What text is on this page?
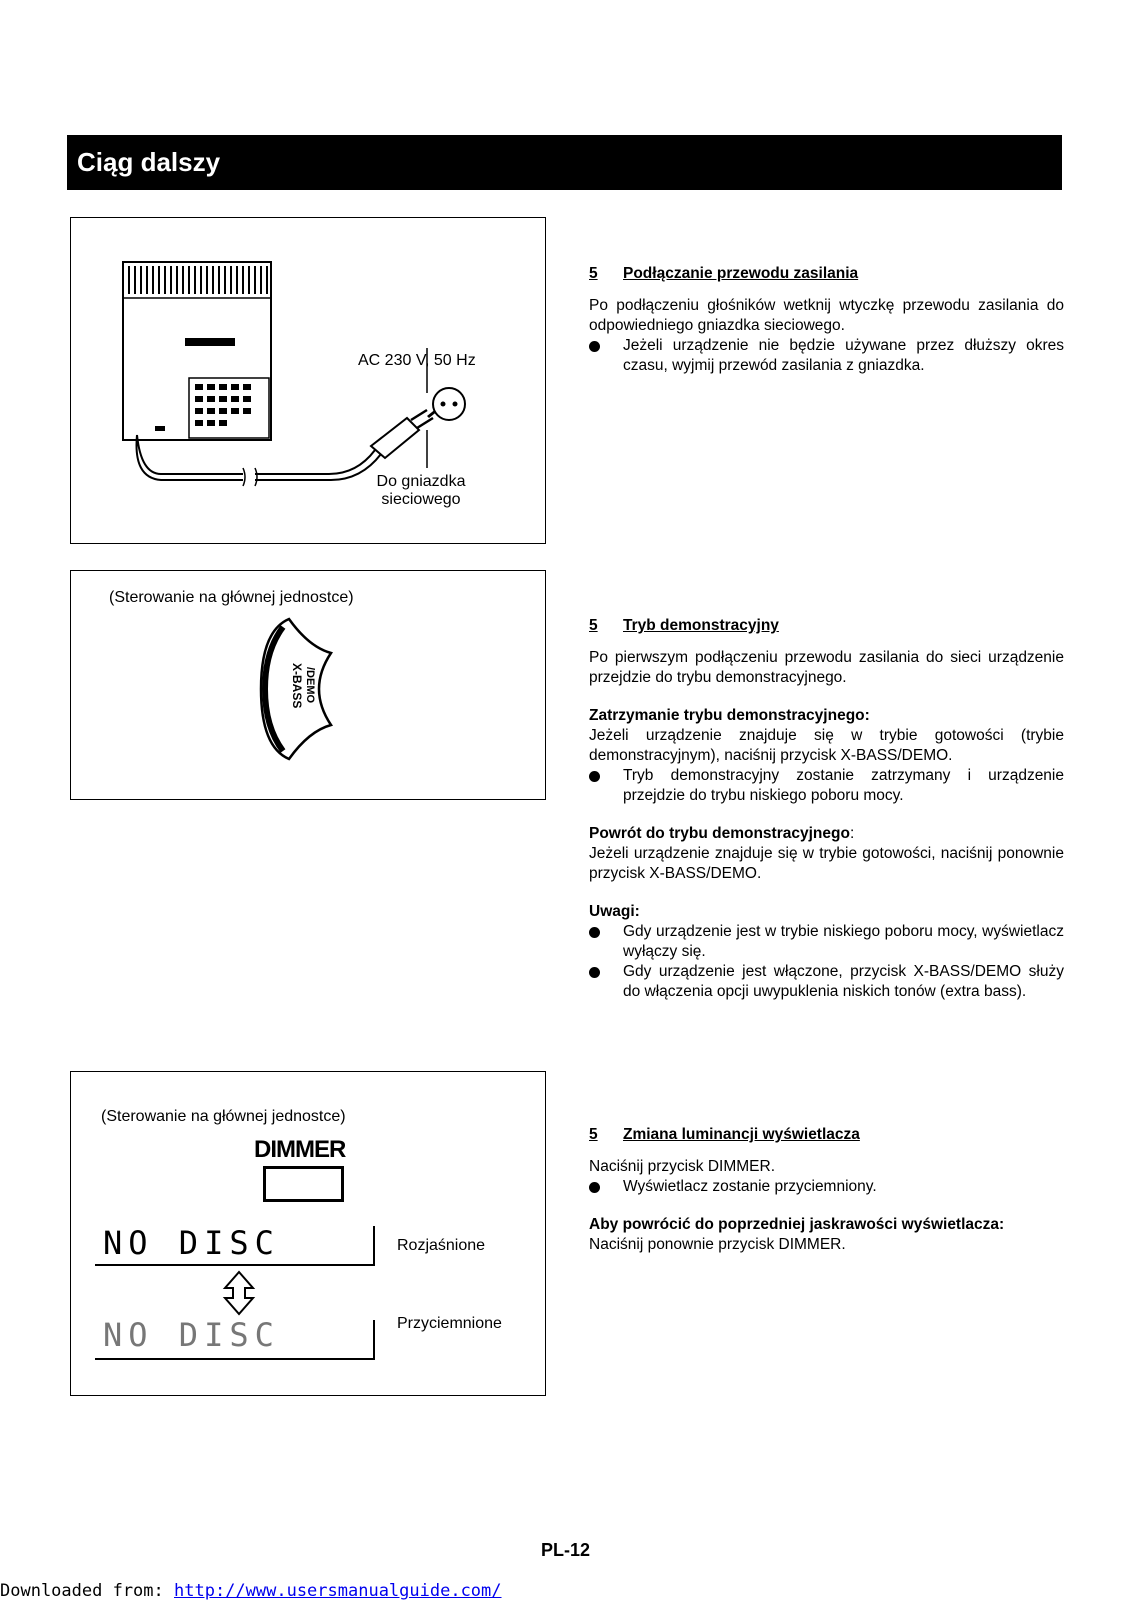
Ciąg dalszy
AC 230 V, 50 Hz
Do gniazdka
sieciowego
(Sterowanie na głównej jednostce)
X-BASS /DEMO
(Sterowanie na głównej jednostce)
DIMMER
NO DISC	Rozjaśnione
NO DISC	Przyciemnione
5 Podłączanie przewodu zasilania
Po podłączeniu głośników wetknij wtyczkę przewodu zasilania do odpowiedniego gniazdka sieciowego.
Jeżeli urządzenie nie będzie używane przez dłuższy okres czasu, wyjmij przewód zasilania z gniazdka.
5 Tryb demonstracyjny
Po pierwszym podłączeniu przewodu zasilania do sieci urządzenie przejdzie do trybu demonstracyjnego.
Zatrzymanie trybu demonstracyjnego:
Jeżeli urządzenie znajduje się w trybie gotowości (trybie demonstracyjnym), naciśnij przycisk X-BASS/DEMO.
Tryb demonstracyjny zostanie zatrzymany i urządzenie przejdzie do trybu niskiego poboru mocy.
Powrót do trybu demonstracyjnego:
Jeżeli urządzenie znajduje się w trybie gotowości, naciśnij ponownie przycisk X-BASS/DEMO.
Uwagi:
Gdy urządzenie jest w trybie niskiego poboru mocy, wyświetlacz wyłączy się.
Gdy urządzenie jest włączone, przycisk X-BASS/DEMO służy do włączenia opcji uwypuklenia niskich tonów (extra bass).
5 Zmiana luminancji wyświetlacza
Naciśnij przycisk DIMMER.
Wyświetlacz zostanie przyciemniony.
Aby powrócić do poprzedniej jaskrawości wyświetlacza:
Naciśnij ponownie przycisk DIMMER.
PL-12
Downloaded from: http://www.usersmanualguide.com/
